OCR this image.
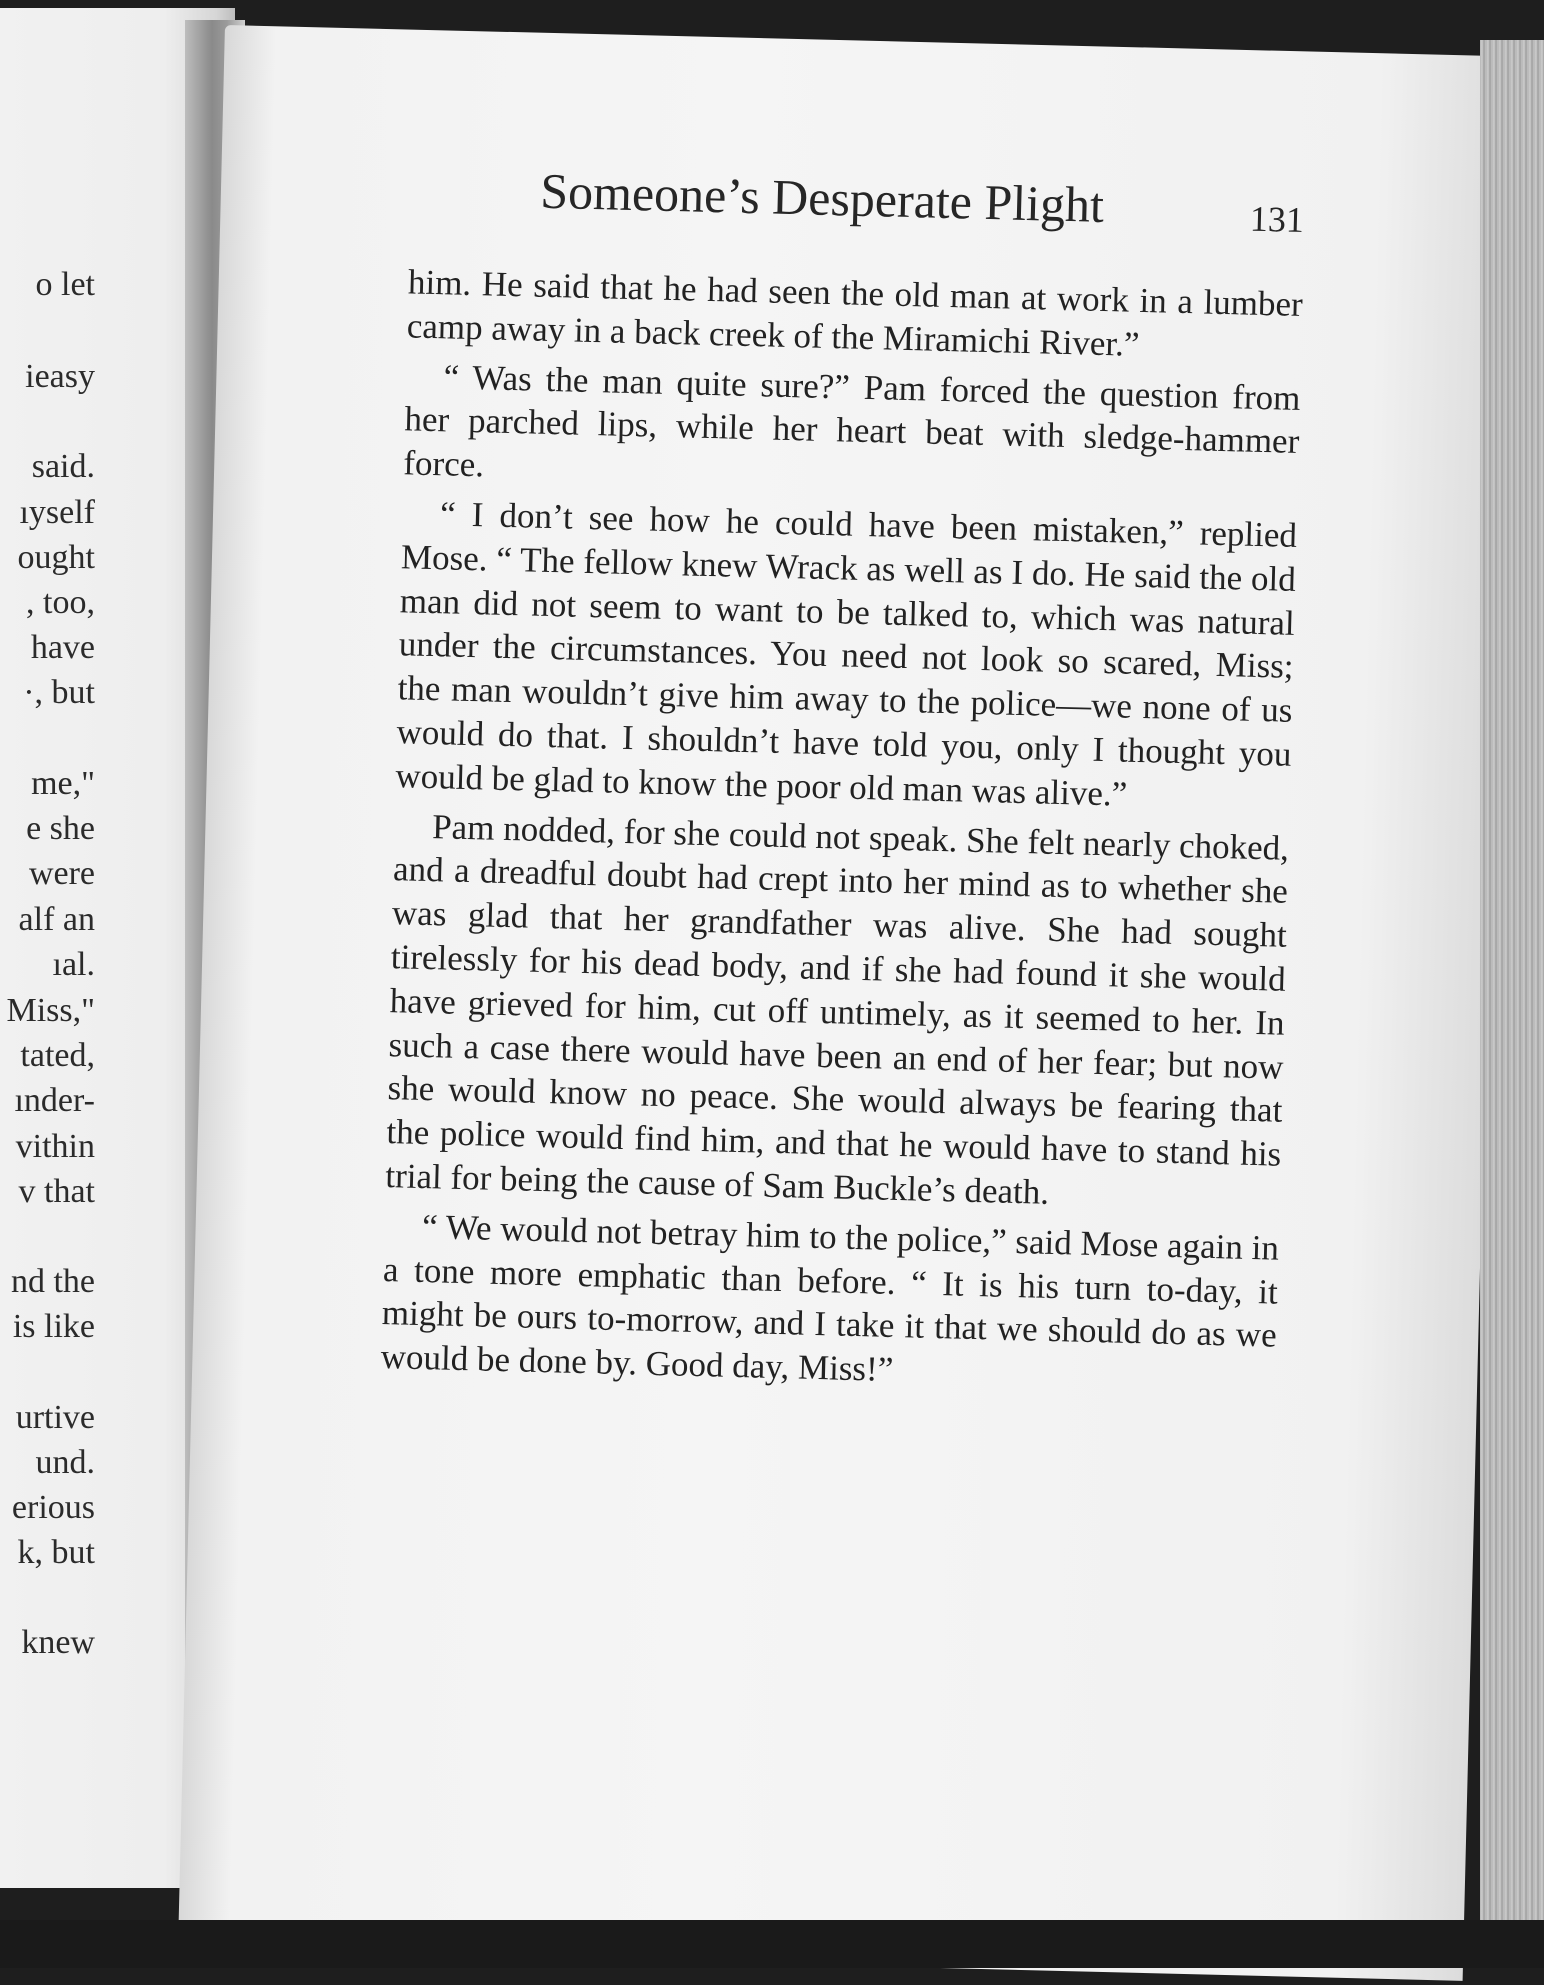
o let
ieasy
said.
ıyself
ought
, too,
have
·, but
me,"
e she
were
alf an
ıal.
Miss,"
tated,
ınder-
vithin
v that
nd the
is like
urtive
und.
erious
k, but
knew
Someone’s Desperate Plight	131

him. He said that he had seen the old man at work in a lumber camp away in a back creek of the Miramichi River.”

“ Was the man quite sure?” Pam forced the question from her parched lips, while her heart beat with sledge-hammer force.

“ I don’t see how he could have been mistaken,” replied Mose. “ The fellow knew Wrack as well as I do. He said the old man did not seem to want to be talked to, which was natural under the circumstances. You need not look so scared, Miss; the man wouldn’t give him away to the police—we none of us would do that. I shouldn’t have told you, only I thought you would be glad to know the poor old man was alive.”

Pam nodded, for she could not speak. She felt nearly choked, and a dreadful doubt had crept into her mind as to whether she was glad that her grandfather was alive. She had sought tirelessly for his dead body, and if she had found it she would have grieved for him, cut off untimely, as it seemed to her. In such a case there would have been an end of her fear; but now she would know no peace. She would always be fearing that the police would find him, and that he would have to stand his trial for being the cause of Sam Buckle’s death.

“ We would not betray him to the police,” said Mose again in a tone more emphatic than before. “ It is his turn to-day, it might be ours to-morrow, and I take it that we should do as we would be done by. Good day, Miss!”
